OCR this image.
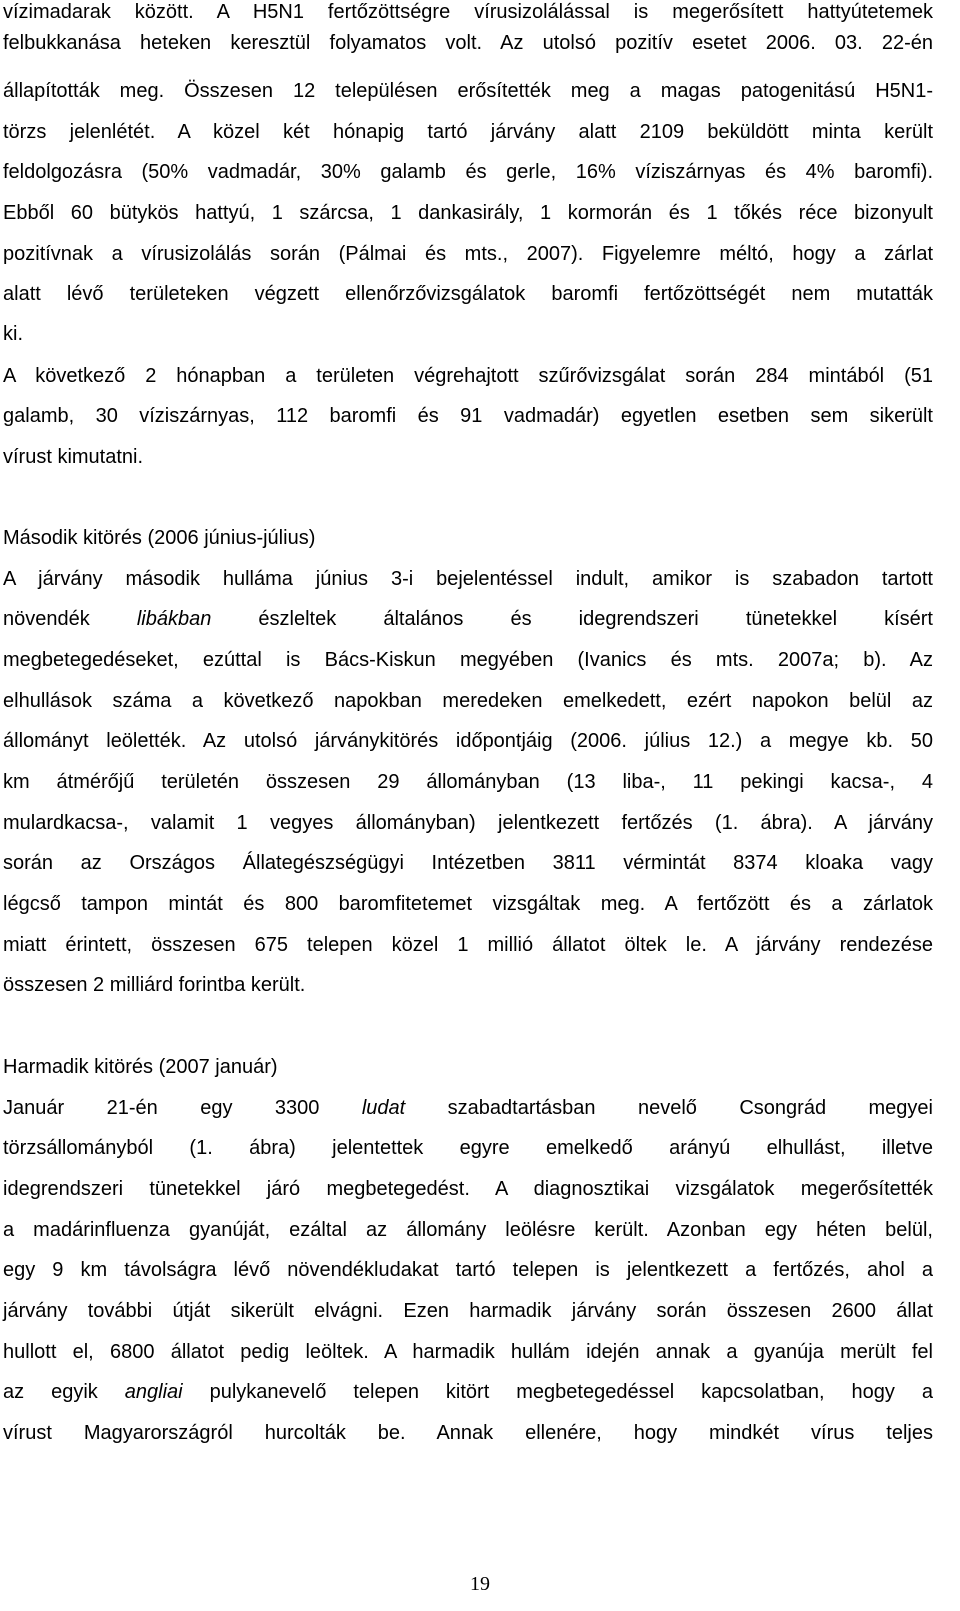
vízimadarak között. A H5N1 fertőzöttségre vírusizolálással is megerősített hattyútetemek
felbukkanása heteken keresztül folyamatos volt. Az utolsó pozitív esetet 2006. 03. 22-én
állapították meg. Összesen 12 településen erősítették meg a magas patogenitású H5N1-
törzs jelenlétét. A közel két hónapig tartó járvány alatt 2109 beküldött minta került
feldolgozásra (50% vadmadár, 30% galamb és gerle, 16% víziszárnyas és 4% baromfi).
Ebből 60 bütykös hattyú, 1 szárcsa, 1 dankasirály, 1 kormorán és 1 tőkés réce bizonyult
pozitívnak a vírusizolálás során (Pálmai és mts., 2007). Figyelemre méltó, hogy a zárlat
alatt lévő területeken végzett ellenőrzővizsgálatok baromfi fertőzöttségét nem mutatták
ki.
A következő 2 hónapban a területen végrehajtott szűrővizsgálat során 284 mintából (51
galamb, 30 víziszárnyas, 112 baromfi és 91 vadmadár) egyetlen esetben sem sikerült
vírust kimutatni.
Második kitörés (2006 június-július)
A járvány második hulláma június 3-i bejelentéssel indult, amikor is szabadon tartott
növendék libákban észleltek általános és idegrendszeri tünetekkel kísért
megbetegedéseket, ezúttal is Bács-Kiskun megyében (Ivanics és mts. 2007a; b). Az
elhullások száma a következő napokban meredeken emelkedett, ezért napokon belül az
állományt leölették. Az utolsó járványkitörés időpontjáig (2006. július 12.) a megye kb. 50
km átmérőjű területén összesen 29 állományban (13 liba-, 11 pekingi kacsa-, 4
mulardkacsa-, valamit 1 vegyes állományban) jelentkezett fertőzés (1. ábra). A járvány
során az Országos Állategészségügyi Intézetben 3811 vérmintát 8374 kloaka vagy
légcső tampon mintát és 800 baromfitetemet vizsgáltak meg. A fertőzött és a zárlatok
miatt érintett, összesen 675 telepen közel 1 millió állatot öltek le. A járvány rendezése
összesen 2 milliárd forintba került.
Harmadik kitörés (2007 január)
Január 21-én egy 3300 ludat szabadtartásban nevelő Csongrád megyei
törzsállományból (1. ábra) jelentettek egyre emelkedő arányú elhullást, illetve
idegrendszeri tünetekkel járó megbetegedést. A diagnosztikai vizsgálatok megerősítették
a madárinfluenza gyanúját, ezáltal az állomány leölésre került. Azonban egy héten belül,
egy 9 km távolságra lévő növendékludakat tartó telepen is jelentkezett a fertőzés, ahol a
járvány további útját sikerült elvágni. Ezen harmadik járvány során összesen 2600 állat
hullott el, 6800 állatot pedig leöltek. A harmadik hullám idején annak a gyanúja merült fel
az egyik angliai pulykanevelő telepen kitört megbetegedéssel kapcsolatban, hogy a
vírust Magyarországról hurcolták be. Annak ellenére, hogy mindkét vírus teljes
19
